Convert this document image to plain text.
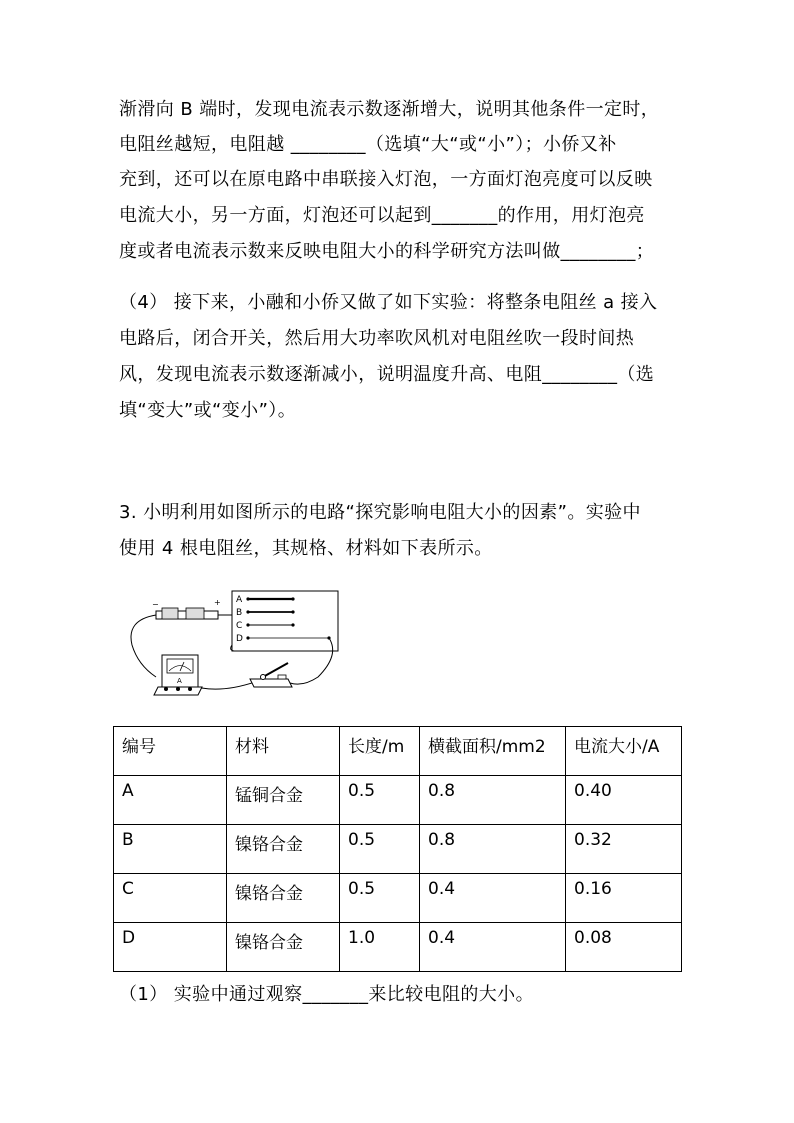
渐滑向 B 端时，发现电流表示数逐渐增大，说明其他条件一定时，
电阻丝越短，电阻越 ________（选填“大“或“小”）；小侨又补
充到，还可以在原电路中串联接入灯泡，一方面灯泡亮度可以反映
电流大小，另一方面，灯泡还可以起到_______的作用，用灯泡亮
度或者电流表示数来反映电阻大小的科学研究方法叫做________；
（4） 接下来，小融和小侨又做了如下实验：将整条电阻丝 a 接入
电路后，闭合开关，然后用大功率吹风机对电阻丝吹一段时间热
风，发现电流表示数逐渐减小，说明温度升高、电阻________（选
填“变大”或“变小”）。
3. 小明利用如图所示的电路“探究影响电阻大小的因素”。实验中
使用 4 根电阻丝，其规格、材料如下表所示。
A
B
C
D
−	+
A
编号	材料	长度/m	横截面积/mm2	电流大小/A
A	锰铜合金	0.5	0.8	0.40
B	镍铬合金	0.5	0.8	0.32
C	镍铬合金	0.5	0.4	0.16
D	镍铬合金	1.0	0.4	0.08
（1） 实验中通过观察_______来比较电阻的大小。
